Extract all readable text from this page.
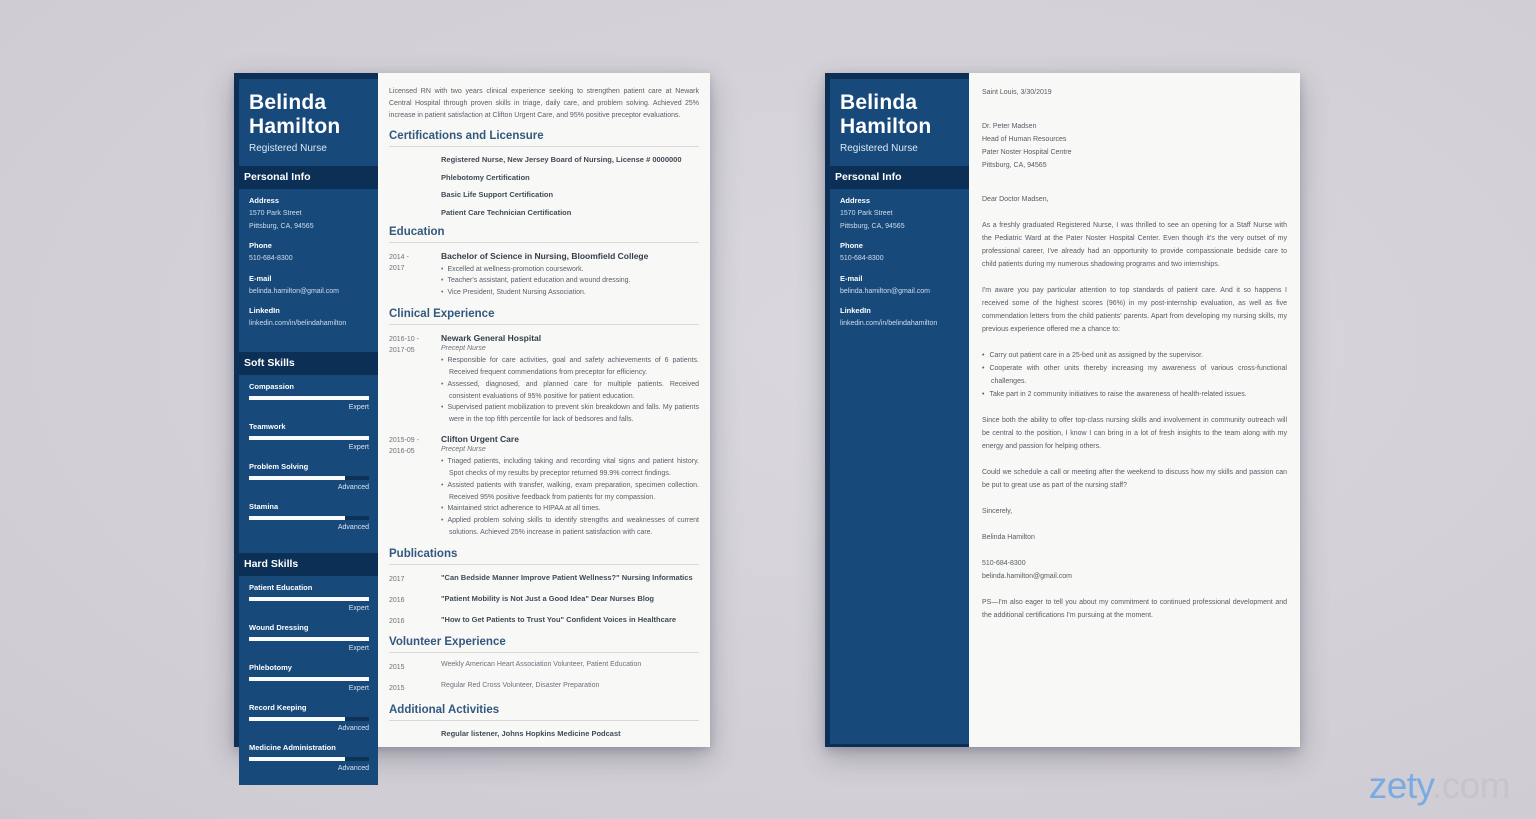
Belinda
Hamilton
Registered Nurse
Personal Info
Address
1570 Park Street
Pittsburg, CA, 94565
Phone
510-684-8300
E-mail
belinda.hamilton@gmail.com
LinkedIn
linkedin.com/in/belindahamilton
Soft Skills
Compassion
Expert
Teamwork
Expert
Problem Solving
Advanced
Stamina
Advanced
Hard Skills
Patient Education
Expert
Wound Dressing
Expert
Phlebotomy
Expert
Record Keeping
Advanced
Medicine Administration
Advanced

Licensed RN with two years clinical experience seeking to strengthen patient care at Newark Central Hospital through proven skills in triage, daily care, and problem solving. Achieved 25% increase in patient satisfaction at Clifton Urgent Care, and 95% positive preceptor evaluations.

Certifications and Licensure
Registered Nurse, New Jersey Board of Nursing, License # 0000000
Phlebotomy Certification
Basic Life Support Certification
Patient Care Technician Certification
Education
2014 -
2017
Bachelor of Science in Nursing, Bloomfield College
• Excelled at wellness-promotion coursework.
• Teacher's assistant, patient education and wound dressing.
• Vice President, Student Nursing Association.
Clinical Experience
2016-10 -
2017-05
Newark General Hospital
Precept Nurse
• Responsible for care activities, goal and safety achievements of 6 patients. Received frequent commendations from preceptor for efficiency.
• Assessed, diagnosed, and planned care for multiple patients. Received consistent evaluations of 95% positive for patient education.
• Supervised patient mobilization to prevent skin breakdown and falls. My patients were in the top fifth percentile for lack of bedsores and falls.
2015-09 -
2016-05
Clifton Urgent Care
Precept Nurse
• Triaged patients, including taking and recording vital signs and patient history. Spot checks of my results by preceptor returned 99.9% correct findings.
• Assisted patients with transfer, walking, exam preparation, specimen collection. Received 95% positive feedback from patients for my compassion.
• Maintained strict adherence to HIPAA at all times.
• Applied problem solving skills to identify strengths and weaknesses of current solutions. Achieved 25% increase in patient satisfaction with care.
Publications
2017	"Can Bedside Manner Improve Patient Wellness?" Nursing Informatics
2016	"Patient Mobility is Not Just a Good Idea" Dear Nurses Blog
2016	"How to Get Patients to Trust You" Confident Voices in Healthcare
Volunteer Experience
2015	Weekly American Heart Association Volunteer, Patient Education
2015	Regular Red Cross Volunteer, Disaster Preparation
Additional Activities
Regular listener, Johns Hopkins Medicine Podcast
Belinda
Hamilton
Registered Nurse
Personal Info
Address
1570 Park Street
Pittsburg, CA, 94565
Phone
510-684-8300
E-mail
belinda.hamilton@gmail.com
LinkedIn
linkedin.com/in/belindahamilton
Saint Louis, 3/30/2019
Dr. Peter Madsen
Head of Human Resources
Pater Noster Hospital Centre
Pittsburg, CA, 94565
Dear Doctor Madsen,

As a freshly graduated Registered Nurse, I was thrilled to see an opening for a Staff Nurse with the Pediatric Ward at the Pater Noster Hospital Center. Even though it's the very outset of my professional career, I've already had an opportunity to provide compassionate bedside care to child patients during my numerous shadowing programs and two internships.

I'm aware you pay particular attention to top standards of patient care. And it so happens I received some of the highest scores (96%) in my post-internship evaluation, as well as five commendation letters from the child patients' parents. Apart from developing my nursing skills, my previous experience offered me a chance to:

• Carry out patient care in a 25-bed unit as assigned by the supervisor.
• Cooperate with other units thereby increasing my awareness of various cross-functional challenges.
• Take part in 2 community initiatives to raise the awareness of health-related issues.

Since both the ability to offer top-class nursing skills and involvement in community outreach will be central to the position, I know I can bring in a lot of fresh insights to the team along with my energy and passion for helping others.

Could we schedule a call or meeting after the weekend to discuss how my skills and passion can be put to great use as part of the nursing staff?

Sincerely,

Belinda Hamilton

510-684-8300
belinda.hamilton@gmail.com

PS—I'm also eager to tell you about my commitment to continued professional development and the additional certifications I'm pursuing at the moment.

zety.com
